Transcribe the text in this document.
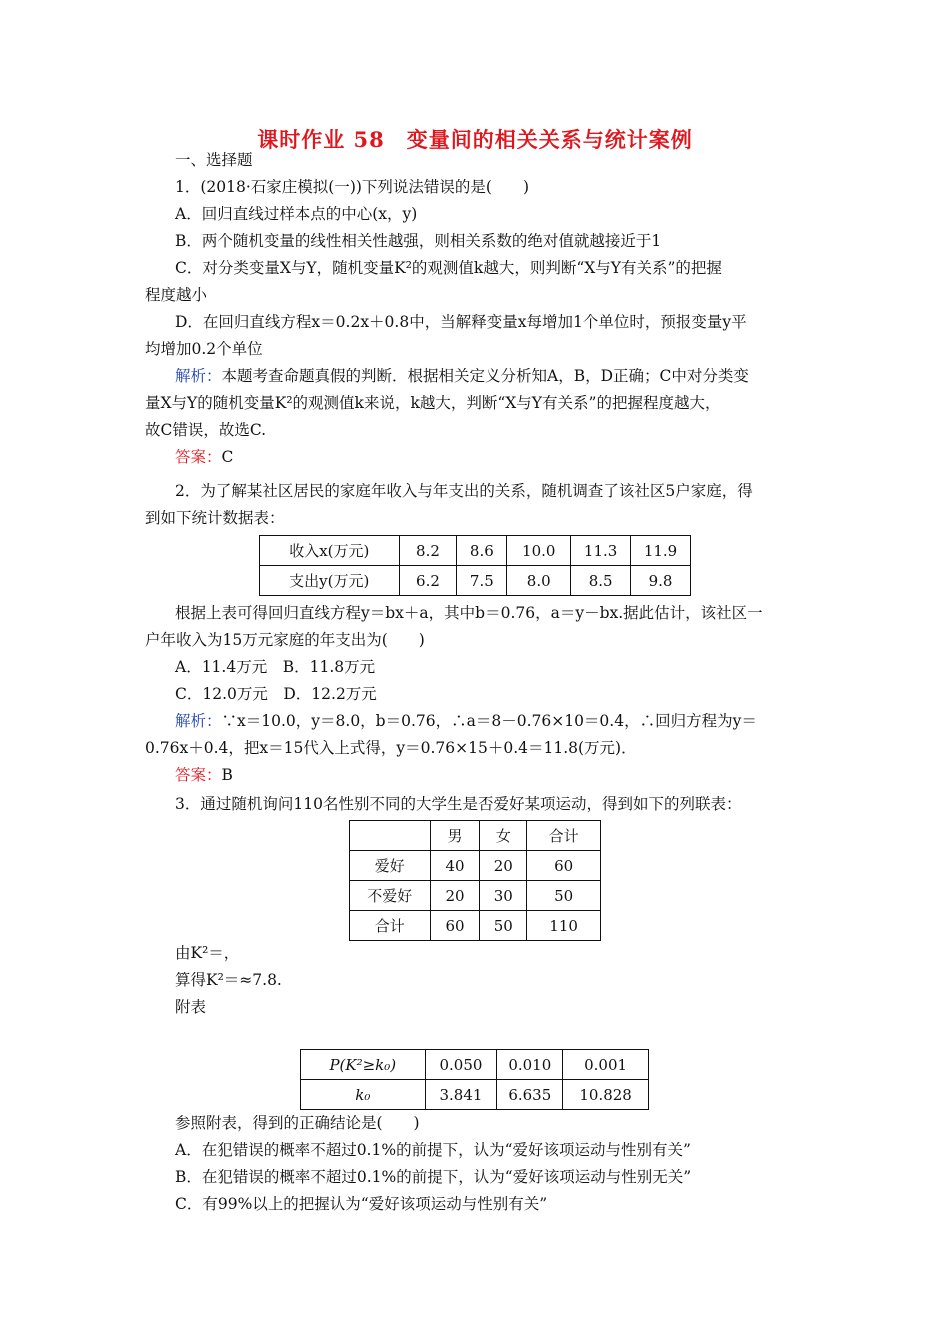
课时作业 58　变量间的相关关系与统计案例
一、选择题
1．(2018·石家庄模拟(一))下列说法错误的是(　　)
A．回归直线过样本点的中心(x，y)
B．两个随机变量的线性相关性越强，则相关系数的绝对值就越接近于1
C．对分类变量X与Y，随机变量K²的观测值k越大，则判断“X与Y有关系”的把握
程度越小
D．在回归直线方程x＝0.2x＋0.8中，当解释变量x每增加1个单位时，预报变量y平
均增加0.2个单位
解析：本题考查命题真假的判断．根据相关定义分析知A，B，D正确；C中对分类变
量X与Y的随机变量K²的观测值k来说，k越大，判断“X与Y有关系”的把握程度越大，
故C错误，故选C.
答案：C
2．为了解某社区居民的家庭年收入与年支出的关系，随机调查了该社区5户家庭，得
到如下统计数据表：
收入x(万元)	8.2	8.6	10.0	11.3	11.9
支出y(万元)	6.2	7.5	8.0	8.5	9.8
根据上表可得回归直线方程y＝bx＋a，其中b＝0.76，a＝y－bx.据此估计，该社区一
户年收入为15万元家庭的年支出为(　　)
A．11.4万元　B．11.8万元
C．12.0万元　D．12.2万元
解析：∵x＝10.0，y＝8.0，b＝0.76，∴a＝8－0.76×10＝0.4，∴回归方程为y＝
0.76x＋0.4，把x＝15代入上式得，y＝0.76×15＋0.4＝11.8(万元)．
答案：B
3．通过随机询问110名性别不同的大学生是否爱好某项运动，得到如下的列联表：
	男	女	合计
爱好	40	20	60
不爱好	20	30	50
合计	60	50	110
由K²＝，
算得K²＝≈7.8.
附表
P(K²≥k₀)	0.050	0.010	0.001
k₀	3.841	6.635	10.828
参照附表，得到的正确结论是(　　)
A．在犯错误的概率不超过0.1%的前提下，认为“爱好该项运动与性别有关”
B．在犯错误的概率不超过0.1%的前提下，认为“爱好该项运动与性别无关”
C．有99%以上的把握认为“爱好该项运动与性别有关”
